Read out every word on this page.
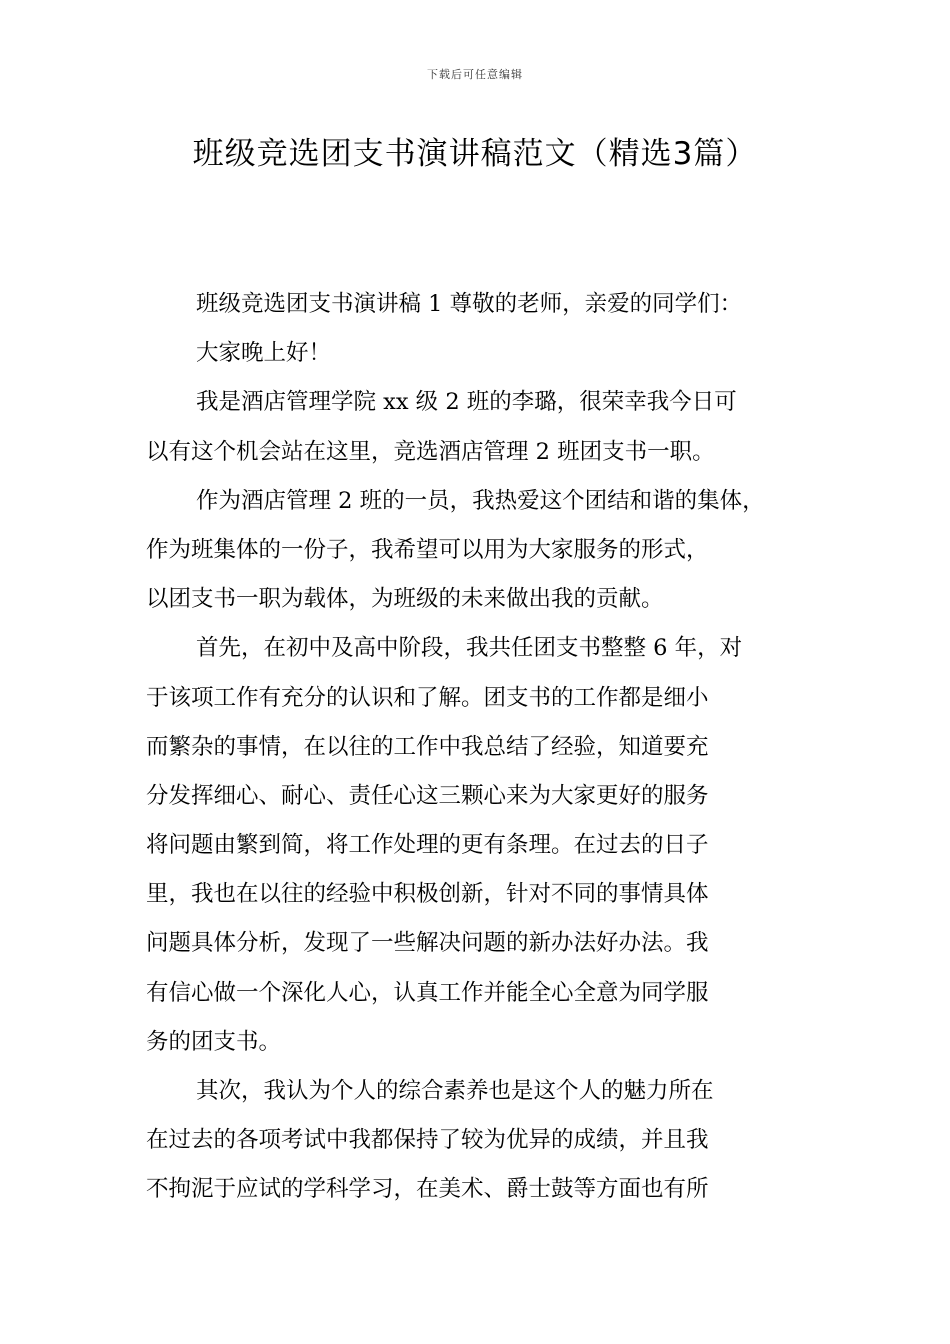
下载后可任意编辑
班级竞选团支书演讲稿范文（精选3篇）
班级竞选团支书演讲稿 1 尊敬的老师，亲爱的同学们：
大家晚上好！
我是酒店管理学院 xx 级 2 班的李璐，很荣幸我今日可
以有这个机会站在这里，竞选酒店管理 2 班团支书一职。
作为酒店管理 2 班的一员，我热爱这个团结和谐的集体，
作为班集体的一份子，我希望可以用为大家服务的形式，
以团支书一职为载体，为班级的未来做出我的贡献。
首先，在初中及高中阶段，我共任团支书整整 6 年，对
于该项工作有充分的认识和了解。团支书的工作都是细小
而繁杂的事情，在以往的工作中我总结了经验，知道要充
分发挥细心、耐心、责任心这三颗心来为大家更好的服务
将问题由繁到简，将工作处理的更有条理。在过去的日子
里，我也在以往的经验中积极创新，针对不同的事情具体
问题具体分析，发现了一些解决问题的新办法好办法。我
有信心做一个深化人心，认真工作并能全心全意为同学服
务的团支书。
其次，我认为个人的综合素养也是这个人的魅力所在
在过去的各项考试中我都保持了较为优异的成绩，并且我
不拘泥于应试的学科学习，在美术、爵士鼓等方面也有所
